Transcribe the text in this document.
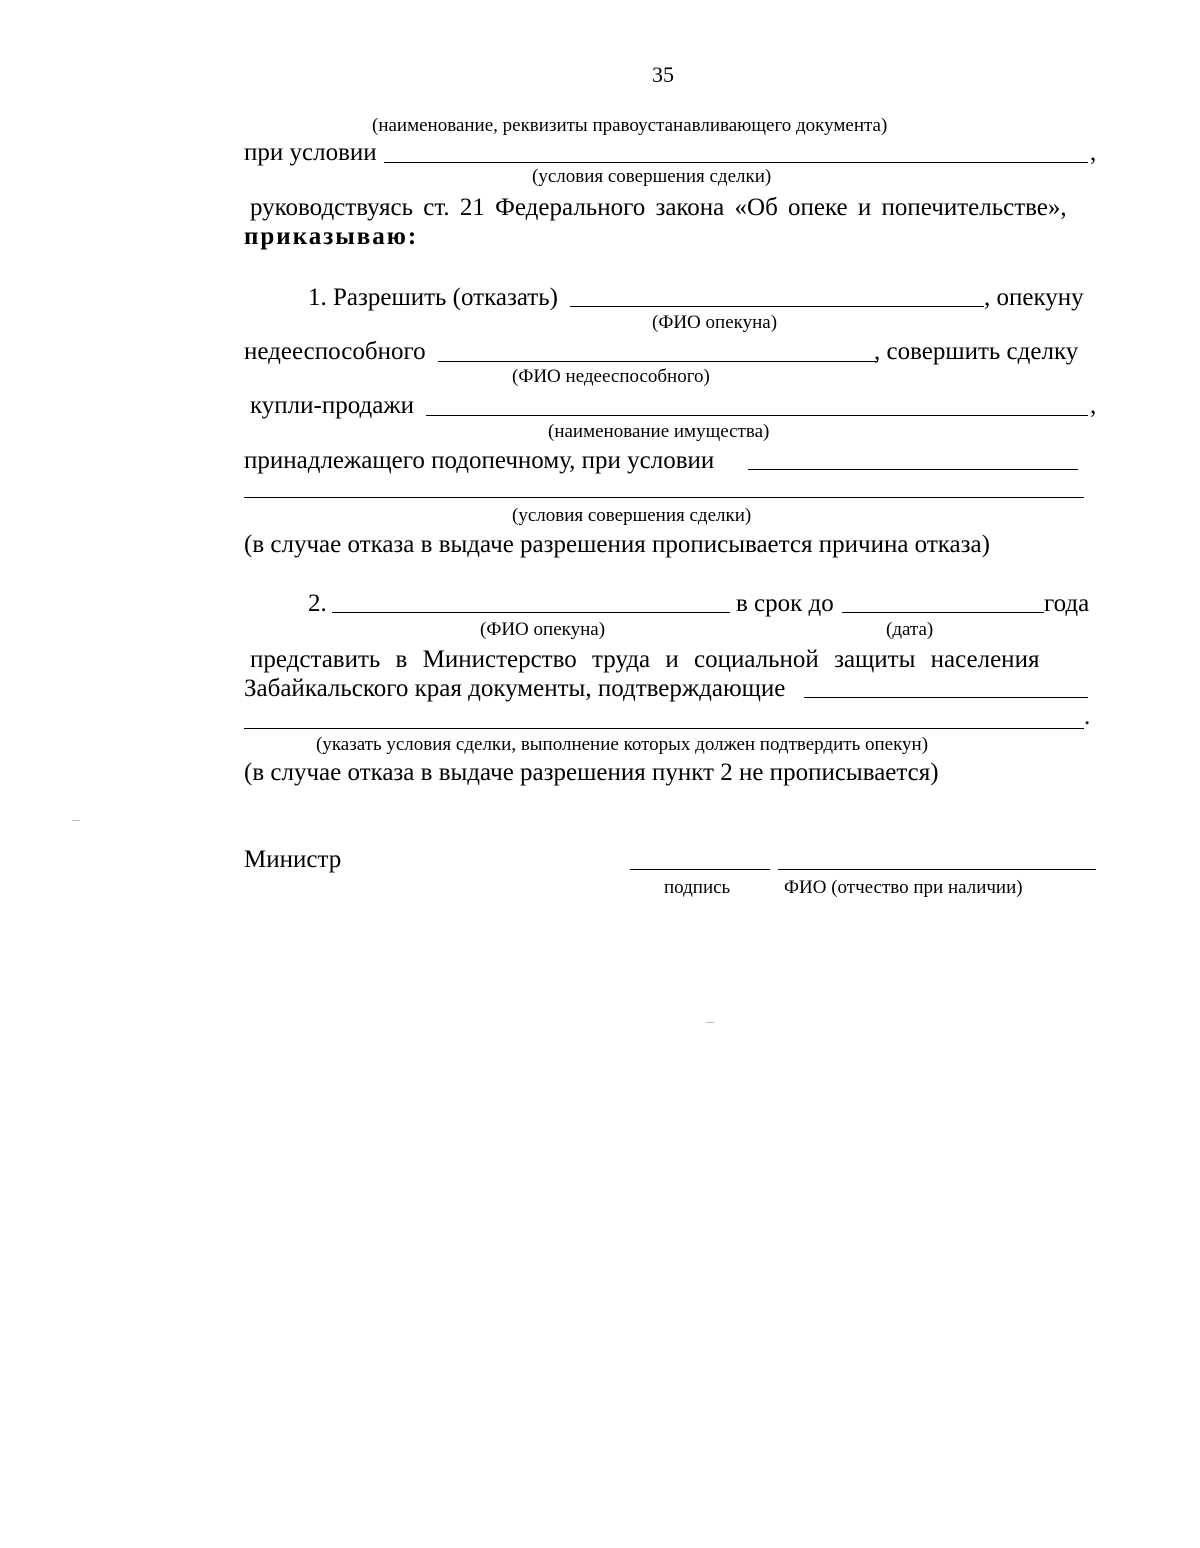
35
(наименование, реквизиты правоустанавливающего документа)
при условии	,
(условия совершения сделки)
руководствуясь ст. 21 Федерального закона «Об опеке и попечительстве»,
приказываю:
1. Разрешить (отказать)	, опекуну
(ФИО опекуна)
недееспособного	, совершить сделку
(ФИО недееспособного)
купли-продажи	,
(наименование имущества)
принадлежащего подопечному, при условии
(условия совершения сделки)
(в случае отказа в выдаче разрешения прописывается причина отказа)
2.	в срок до	года
(ФИО опекуна)	(дата)
представить в Министерство труда и социальной защиты населения
Забайкальского края документы, подтверждающие
.
(указать условия сделки, выполнение которых должен подтвердить опекун)
(в случае отказа в выдаче разрешения пункт 2 не прописывается)
Министр
подпись	ФИО (отчество при наличии)
